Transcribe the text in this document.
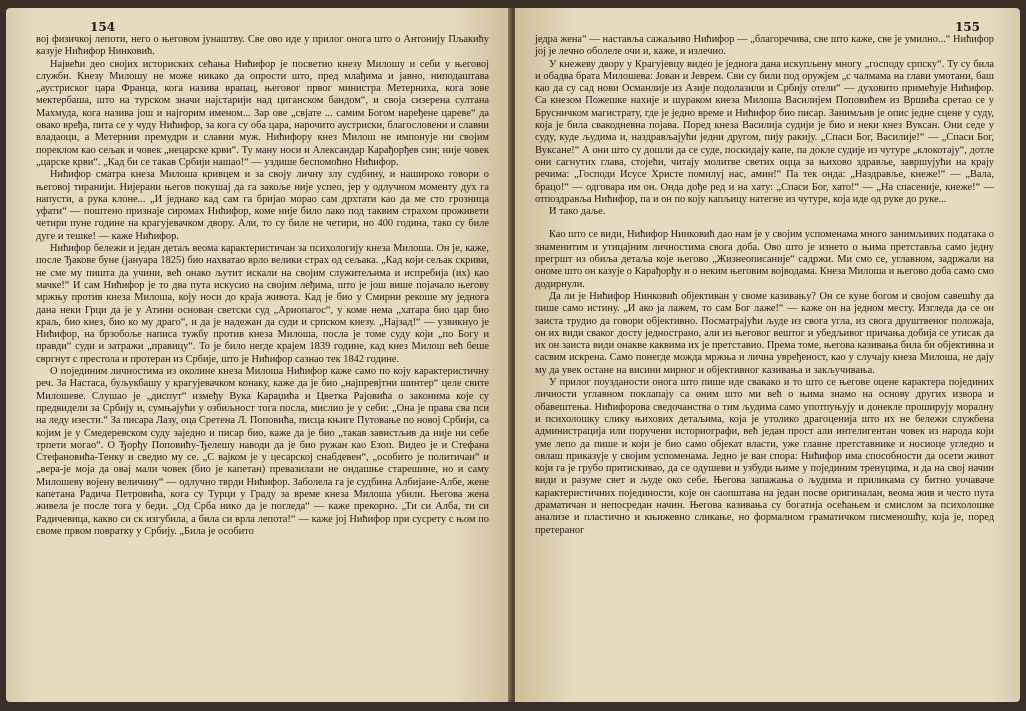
154

вој физичкој лепоти, него о његовом јунаштву. Све ово иде у прилог онога што о Антонију Пљакићу казује Нићифор Нинковић.

Највећи део својих историских сећања Нићифор је посветио кнезу Милошу и себи у његовој служби. Кнезу Милошу не може никако да опрости што, пред млађима и јавно, ниподаштава „аустриског цара Франца, кога назива врапац, његовог првог министра Метерниха, кога зове мектербаша, што на турском значи најстарији над циганском бандом“, и своја сизерена султана Махмуда, кога назива још и најгорим именом... Зар ове „свјате ... самим Богом наређене цареве“ да овако вређа, пита се у чуду Нићифор, за кога су оба цара, нарочито аустриски, благословени и славни владаоци, а Метернии премудри и славни муж. Нићифору кнез Милош не импонује ни својим пореклом као сељак и човек „нецарске крви“. Ту ману носи и Александар Карађорђев син; није човек „царске крви“. „Кад би се такав Србији нашао!“ — уздише беспомоћно Нићифор.

Нићифор сматра кнеза Милоша кривцем и за своју личну злу судбину, и нашироко говори о његовој тиранији. Нијерани његов покушај да га закоље није успео, јер у одлучном моменту дух га напусти, а рука клоне... „И једнако кад сам га бријао морао сам дрхтати као да ме сто грозница уфати“ — поштено признаје сиромах Нићифор, коме није било лако под таквим страхом проживети четири пуне године на крагујевачком двору. Али, то су биле не четири, но 400 година, тако су биле дуге и тешке! — каже Нићифор.

Нићифор бележи и један детаљ веома карактеристичан за психологију кнеза Милоша. Он је, каже, после Ђакове буне (јануара 1825) био нахватао врло велики страх од сељака. „Кад који сељак скриви, не сме му пишта да учини, већ онако љутит искали на својим служитељима и испребија (их) као мачке!“ И сам Нићифор је то два пута искусио на својим леђима, што је још више појачало његову мржњу против кнеза Милоша, коју носи до краја живота. Кад је био у Смирни рекоше му једнога дана неки Грци да је у Атини основан светски суд „Ариопагос“, у коме нема „хатара био цар био краљ, био кнез, био ко му драго“, и да је надежан да суди и српском кнезу. „Најзад!“ — узвикнуо је Нићифор, на брзобоље написа тужбу против кнеза Милоша, посла је томе суду који „по Богу и правди“ суди и затражи „правицу“. То је било негде крајем 1839 године, кад кнез Милош већ беше свргнут с престола и протеран из Србије, што је Нићифор сазнао тек 1842 године.

О појединим личностима из околине кнеза Милоша Нићифор каже само по коју карактеристичну реч. За Настаса, буљукбашу у крагујевачком конаку, каже да је био „најпревјтни шинтер“ целе свите Милошеве. Слушао је „диспут“ између Вука Караџића и Цветка Рајовића о законима које су предвидели за Србију и, сумњајући у озбиљност тога посла, мислио је у себи: „Она је права сва пси на леду изести.“ За писара Лазу, оца Сретена Л. Поповића, писца књиге Путовање по новој Србији, са којим је у Смедеревском суду заједно и писар био, каже да је био „такав завистљив да није ни себе трпети могао“. О Ђорђу Поповићу-Ђелешу наводи да је био ружан као Езоп. Видео је и Стефана Стефановића-Тенку и сведио му се. „С вајком је у цесарској снабдевен“, „особито је политичан“ и „вера-је моја да овај мали човек (био је капетан) превазилази не ондашње старешине, но и саму Милошеву војену величину“ — одлучно тврди Нићифор. Заболела га је судбина Албијане-Албе, жене капетана Радича Петровића, кога су Турци у Граду за време кнеза Милоша убили. Његова жена живела је после тога у беди. „Од Срба никo да је погледа“ — каже прекорно. „Ти си Алба, ти си Радичевица, какво си ск изгубила, а била си врла лепота!“ — каже јој Нићифор при сусрету с њом по своме првом повратку у Србију. „Била је особито

155

једра жена“ — наставља сажаљиво Нићифор — „благоречива, све што каже, све је умилно...“ Нићифор јој је лечно оболеле очи и, каже, и излечио.

У кнежеву двору у Крагујевцу видео је једнога дана искупљену многу „господу српску“. Ту су била и обадва брата Милошева: Јован и Јеврем. Сви су били под оружјем „с чалмама на глави умотани, баш као да су сад нови Османлије из Азије подолазили и Србију отели“ — духовито примећује Нићифор. Са кнезом Пожешке нахије и шураком кнеза Милоша Василијем Поповићем из Вршића сретао се у Брусничком магистрату, где је једно време и Нићифор био писар. Занимљив је опис једне сцене у суду, која је била свакодневна појава. Поред кнеза Василија судији је био и неки кнез Вуксан. Они седе у суду, куде људима и, наздрављајући једни другом, пију ракију. „Спаси Бог, Василије!“ — „Спаси Бог, Вуксане!“ А они што су дошли да се суде, поскидају капе, па докле судије из чутуре „клокотају“, дотле они сагнутих глава, стојећи, читају молитве светих оцца за њихово здравље, завршујући на крају речима: „Господи Исусе Христе помилуј нас, амин!“ Па тек онда: „Наздравље, кнеже!“ — „Вала, брацо!“ — одговара им он. Онда дође ред и на хату: „Спаси Бог, хато!“ — „На спасеније, кнеже!“ — отпоздравља Нићифор, па и он по коју капљицу натегне из чутуре, која иде од руке до руке...

И тако даље.

Као што се види, Нићифор Нинковић дао нам је у својим успоменама много занимљивих података о знаменитим и утицајним личностима свога доба. Ово што је изнето о њима претставља само једну прегршт из обиља детаља које његово „Жизнеописаније“ садржи. Ми смо се, углавном, задржали на ономе што он казује о Карађорђу и о неким његовим војводама. Кнеза Милоша и његово доба само смо додирнули.

Да ли је Нићифор Нинковић објективан у своме казивању? Он се куне богом и својом савешћу да пише само истину. „И ако ја лажем, то сам Бог лаже!“ — каже он на једном месту. Изгледа да се он заиста трудио да говори објективно. Посматрајући људе из свога угла, из свога друштвеног положаја, он их види сваког досту једнострано, али из његовог вештог и убедљивог причања добија се утисак да их он заиста види онакве каквима их је претставио. Према томе, његова казивања била би објективна и сасвим искрена. Само понегде можда мржња и лична увређеност, као у случају кнеза Милоша, не дају му да увек остане на висини мирног и објективног казивања и закључивања.

У прилог поузданости онога што пише иде свакако и то што се његове оцене карактера појединих личности углавном поклапају са оним што ми већ о њима знамо на основу других извора и обавештења. Нићифорова сведочанства о тим људима само употпуњују и донекле проширују моралну и психолошку слику њихових детаљима, која је утолико драгоценија што их не бележи службена администрација или поручени историографи, већ један прост али интелигентан човек из народа који уме лепо да пише и који је био само објекат власти, уже главне претставнике и носиоце угледно и овлаш приказује у својим успоменама. Једно је ван спора: Нићифор има способности да осети живот који га је грубо притискивао, да се одушеви и узбуди њиме у појединим тренуцима, и да на свој начин види и разуме свет и људе око себе. Његова запажања о људима и приликама су битно уочаваче карактеристичних појединости, које он саопштава на један посве оригиналан, веома жив и често пута драматичан и непосредан начин. Његова казивања су богатија осећањем и смислом за психолошке анализе и пластично и књижевно сликање, но формалном граматичком писменошћу, која је, поред претераног
